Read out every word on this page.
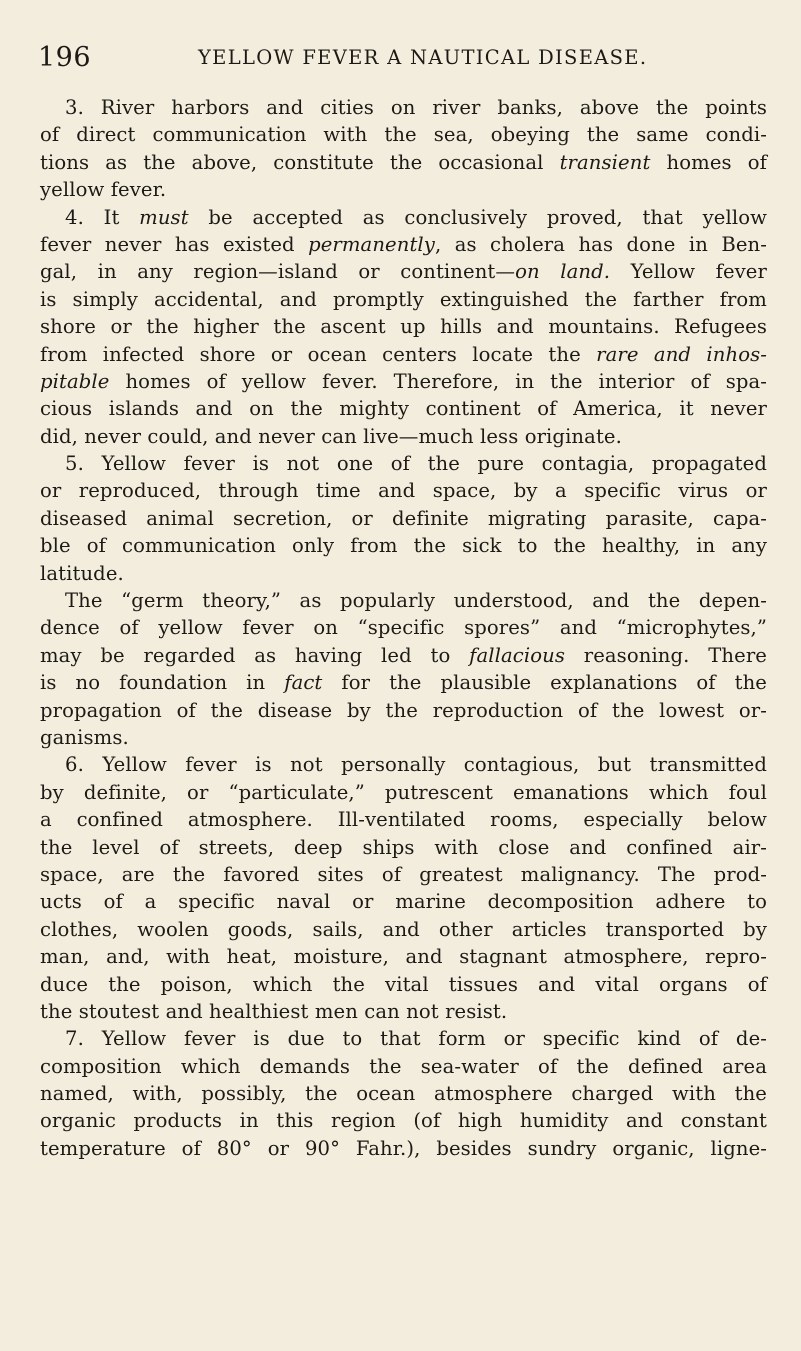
196	YELLOW FEVER A NAUTICAL DISEASE.
3. River harbors and cities on river banks, above the points
of direct communication with the sea, obeying the same condi-
tions as the above, constitute the occasional transient homes of
yellow fever.
4. It must be accepted as conclusively proved, that yellow
fever never has existed permanently, as cholera has done in Ben-
gal, in any region—island or continent—on land. Yellow fever
is simply accidental, and promptly extinguished the farther from
shore or the higher the ascent up hills and mountains. Refugees
from infected shore or ocean centers locate the rare and inhos-
pitable homes of yellow fever. Therefore, in the interior of spa-
cious islands and on the mighty continent of America, it never
did, never could, and never can live—much less originate.
5. Yellow fever is not one of the pure contagia, propagated
or reproduced, through time and space, by a specific virus or
diseased animal secretion, or definite migrating parasite, capa-
ble of communication only from the sick to the healthy, in any
latitude.
The “germ theory,” as popularly understood, and the depen-
dence of yellow fever on “specific spores” and “microphytes,”
may be regarded as having led to fallacious reasoning. There
is no foundation in fact for the plausible explanations of the
propagation of the disease by the reproduction of the lowest or-
ganisms.
6. Yellow fever is not personally contagious, but transmitted
by definite, or “particulate,” putrescent emanations which foul
a confined atmosphere. Ill-ventilated rooms, especially below
the level of streets, deep ships with close and confined air-
space, are the favored sites of greatest malignancy. The prod-
ucts of a specific naval or marine decomposition adhere to
clothes, woolen goods, sails, and other articles transported by
man, and, with heat, moisture, and stagnant atmosphere, repro-
duce the poison, which the vital tissues and vital organs of
the stoutest and healthiest men can not resist.
7. Yellow fever is due to that form or specific kind of de-
composition which demands the sea-water of the defined area
named, with, possibly, the ocean atmosphere charged with the
organic products in this region (of high humidity and constant
temperature of 80° or 90° Fahr.), besides sundry organic, ligne-
